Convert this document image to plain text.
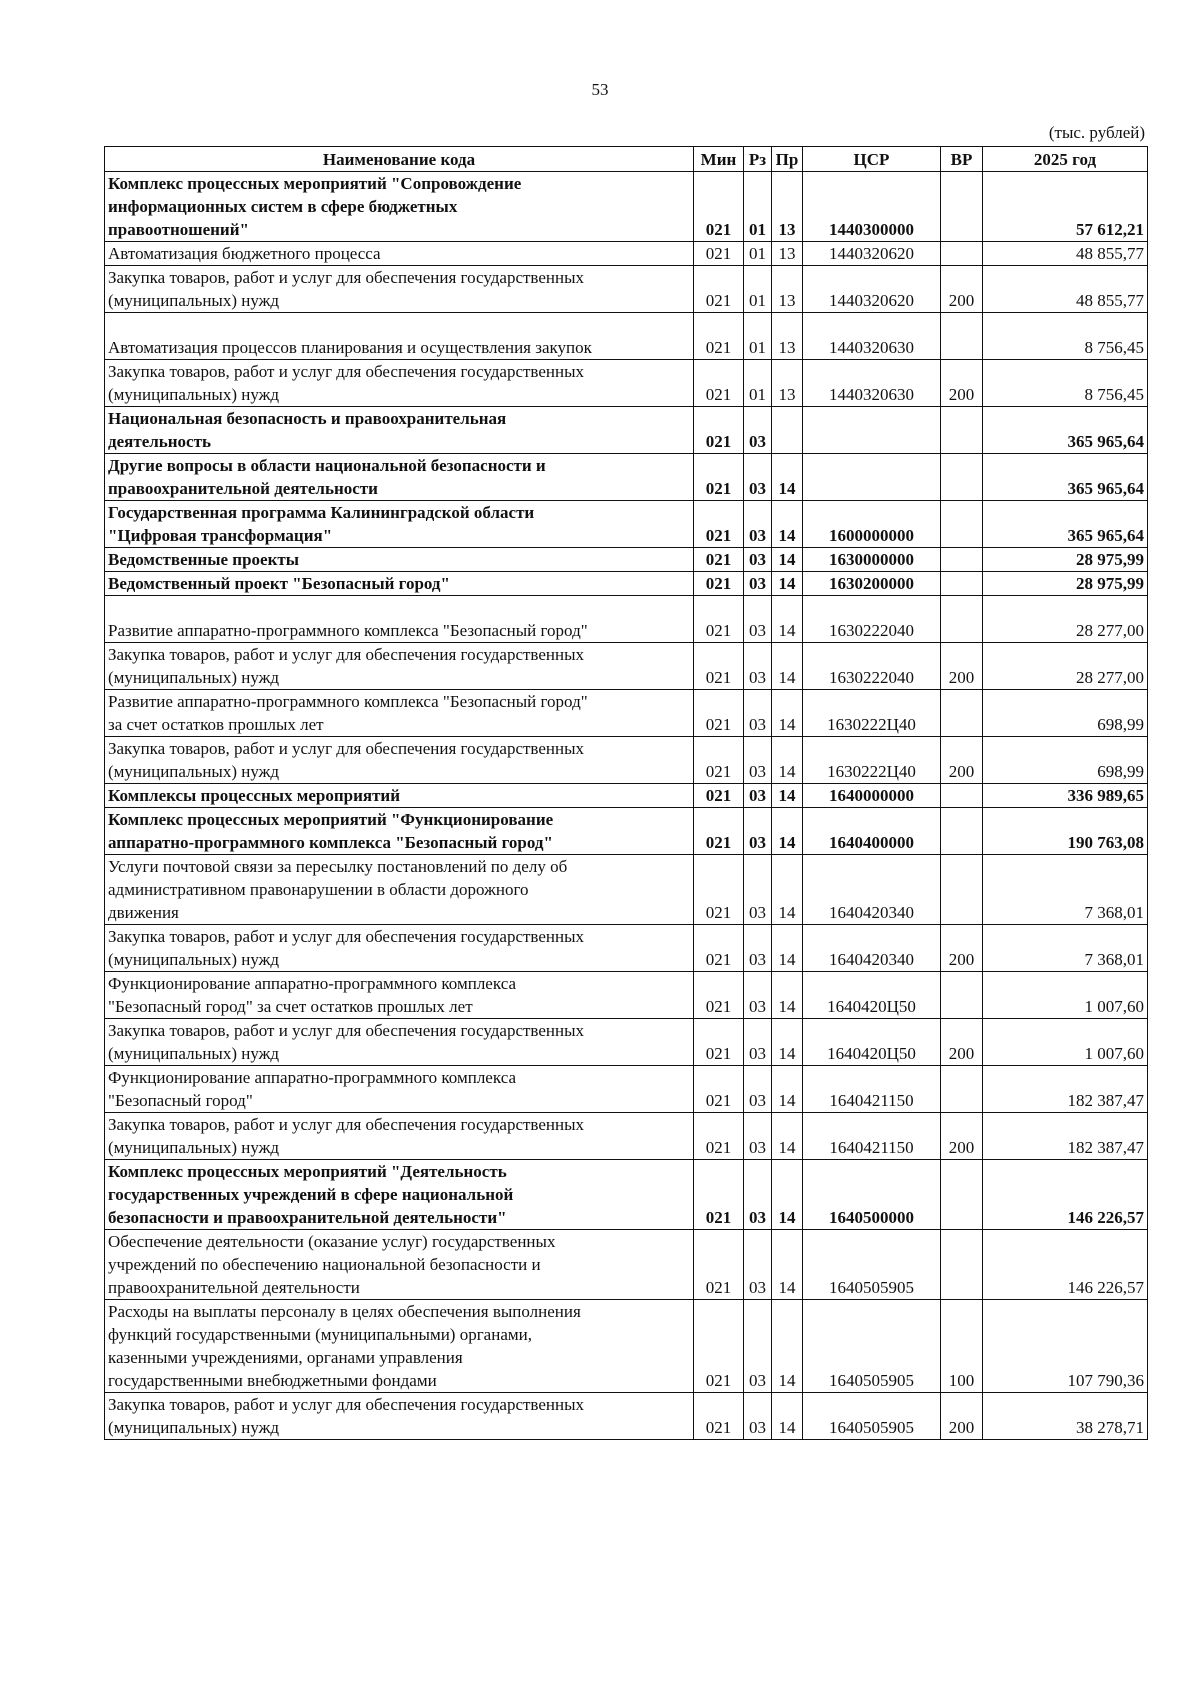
53
(тыс. рублей)
Наименование кода	Мин	Рз	Пр	ЦСР	ВР	2025 год
Комплекс процессных мероприятий "Сопровождение
информационных систем в сфере бюджетных
правоотношений"	021	01	13	1440300000		57 612,21
Автоматизация бюджетного процесса	021	01	13	1440320620		48 855,77
Закупка товаров, работ и услуг для обеспечения государственных
(муниципальных) нужд	021	01	13	1440320620	200	48 855,77

Автоматизация процессов планирования и осуществления закупок	021	01	13	1440320630		8 756,45
Закупка товаров, работ и услуг для обеспечения государственных
(муниципальных) нужд	021	01	13	1440320630	200	8 756,45
Национальная безопасность и правоохранительная
деятельность	021	03				365 965,64
Другие вопросы в области национальной безопасности и
правоохранительной деятельности	021	03	14			365 965,64
Государственная программа Калининградской области
"Цифровая трансформация"	021	03	14	1600000000		365 965,64
Ведомственные проекты	021	03	14	1630000000		28 975,99
Ведомственный проект "Безопасный город"	021	03	14	1630200000		28 975,99

Развитие аппаратно-программного комплекса "Безопасный город"	021	03	14	1630222040		28 277,00
Закупка товаров, работ и услуг для обеспечения государственных
(муниципальных) нужд	021	03	14	1630222040	200	28 277,00
Развитие аппаратно-программного комплекса "Безопасный город"
за счет остатков прошлых лет	021	03	14	1630222Ц40		698,99
Закупка товаров, работ и услуг для обеспечения государственных
(муниципальных) нужд	021	03	14	1630222Ц40	200	698,99
Комплексы процессных мероприятий	021	03	14	1640000000		336 989,65
Комплекс процессных мероприятий "Функционирование
аппаратно-программного комплекса "Безопасный город"	021	03	14	1640400000		190 763,08
Услуги почтовой связи за пересылку постановлений по делу об
административном правонарушении в области дорожного
движения	021	03	14	1640420340		7 368,01
Закупка товаров, работ и услуг для обеспечения государственных
(муниципальных) нужд	021	03	14	1640420340	200	7 368,01
Функционирование аппаратно-программного комплекса
"Безопасный город" за счет остатков прошлых лет	021	03	14	1640420Ц50		1 007,60
Закупка товаров, работ и услуг для обеспечения государственных
(муниципальных) нужд	021	03	14	1640420Ц50	200	1 007,60
Функционирование аппаратно-программного комплекса
"Безопасный город"	021	03	14	1640421150		182 387,47
Закупка товаров, работ и услуг для обеспечения государственных
(муниципальных) нужд	021	03	14	1640421150	200	182 387,47
Комплекс процессных мероприятий "Деятельность
государственных учреждений в сфере национальной
безопасности и правоохранительной деятельности"	021	03	14	1640500000		146 226,57
Обеспечение деятельности (оказание услуг) государственных
учреждений по обеспечению национальной безопасности и
правоохранительной деятельности	021	03	14	1640505905		146 226,57
Расходы на выплаты персоналу в целях обеспечения выполнения
функций государственными (муниципальными) органами,
казенными учреждениями, органами управления
государственными внебюджетными фондами	021	03	14	1640505905	100	107 790,36
Закупка товаров, работ и услуг для обеспечения государственных
(муниципальных) нужд	021	03	14	1640505905	200	38 278,71
